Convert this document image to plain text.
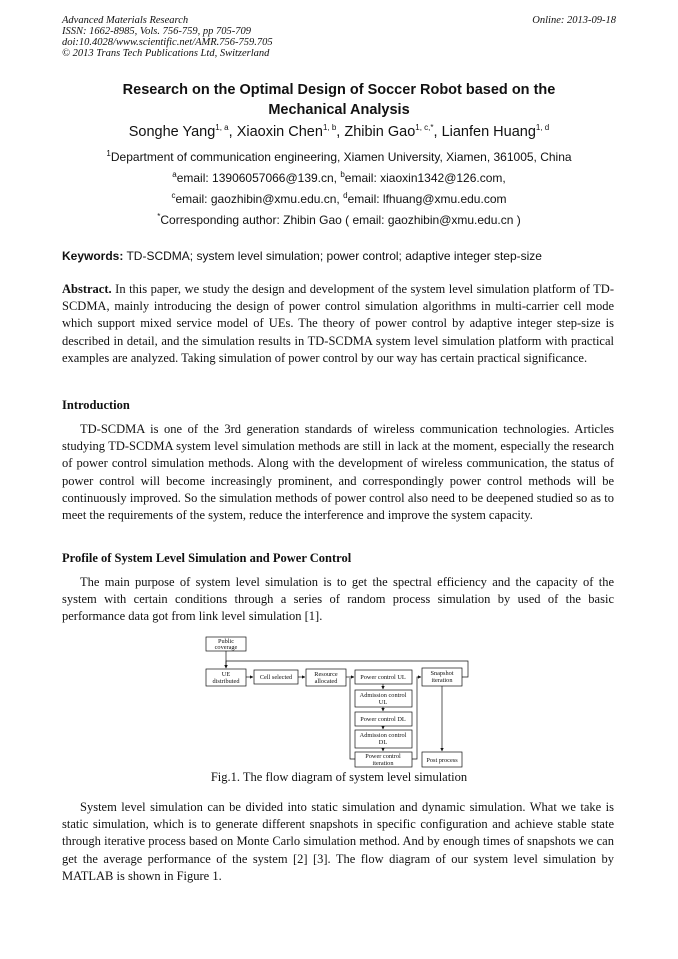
Advanced Materials Research
ISSN: 1662-8985, Vols. 756-759, pp 705-709
doi:10.4028/www.scientific.net/AMR.756-759.705
© 2013 Trans Tech Publications Ltd, Switzerland
Online: 2013-09-18
Research on the Optimal Design of Soccer Robot based on the
Mechanical Analysis
Songhe Yang$^{1, a}$, Xiaoxin Chen$^{1, b}$, Zhibin Gao$^{1, c,*}$, Lianfen Huang$^{1, d}$
$^1$Department of communication engineering, Xiamen University, Xiamen, 361005, China
$^a$email: 13906057066@139.cn, $^b$email: xiaoxin1342@126.com,
$^c$email: gaozhibin@xmu.edu.cn, $^d$email: lfhuang@xmu.edu.com
*Corresponding author: Zhibin Gao ( email: gaozhibin@xmu.edu.cn )
Keywords: TD-SCDMA; system level simulation; power control; adaptive integer step-size
Abstract. In this paper, we study the design and development of the system level simulation platform of TD-SCDMA, mainly introducing the design of power control simulation algorithms in multi-carrier cell mode which support mixed service model of UEs. The theory of power control by adaptive integer step-size is described in detail, and the simulation results in TD-SCDMA system level simulation platform with practical examples are analyzed. Taking simulation of power control by our way has certain practical significance.
Introduction
TD-SCDMA is one of the 3rd generation standards of wireless communication technologies. Articles studying TD-SCDMA system level simulation methods are still in lack at the moment, especially the research of power control simulation methods. Along with the development of wireless communication, the status of power control will become increasingly prominent, and correspondingly power control methods will be continuously improved. So the simulation methods of power control also need to be deepened studied so as to meet the requirements of the system, reduce the interference and improve the system capacity.
Profile of System Level Simulation and Power Control
The main purpose of system level simulation is to get the spectral efficiency and the capacity of the system with certain conditions through a series of random process simulation by used of the basic performance data got from link level simulation [1].
Public
coverage
UE
distributed
Cell selected	Resource
allocated
Power control UL
Admission control
UL
Power control DL
Admission control
DL
Power control
iteration
Snapshot
iteration
Post process
Fig.1. The flow diagram of system level simulation
System level simulation can be divided into static simulation and dynamic simulation. What we take is static simulation, which is to generate different snapshots in specific configuration and achieve stable state through iterative process based on Monte Carlo simulation method. And by enough times of snapshots we can get the average performance of the system [2] [3]. The flow diagram of our system level simulation by MATLAB is shown in Figure 1.
